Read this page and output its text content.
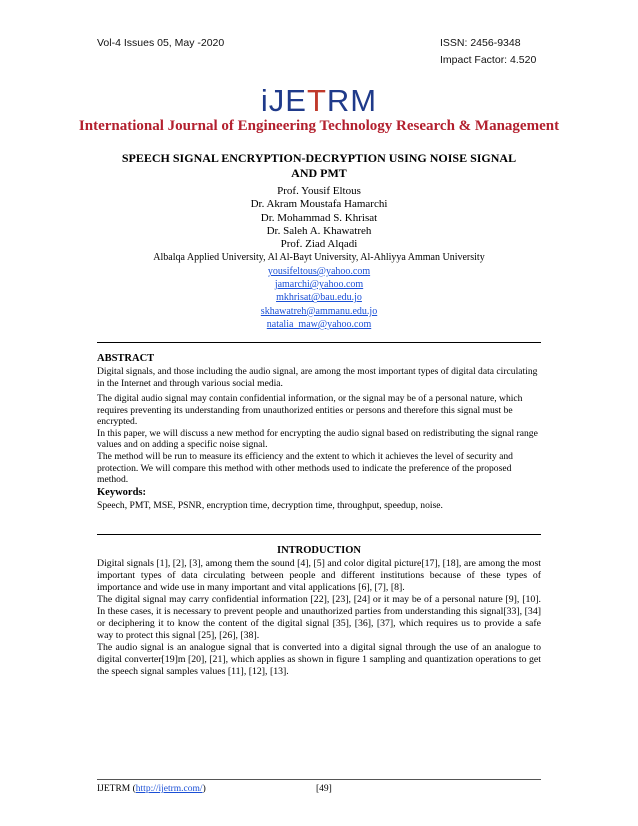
Vol-4 Issues 05, May -2020	ISSN: 2456-9348
Impact Factor: 4.520
iJETRM
International Journal of Engineering Technology Research & Management
SPEECH SIGNAL ENCRYPTION-DECRYPTION USING NOISE SIGNAL AND PMT
Prof. Yousif Eltous
Dr. Akram Moustafa Hamarchi
Dr. Mohammad S. Khrisat
Dr. Saleh A. Khawatreh
Prof. Ziad Alqadi
Albalqa Applied University, Al Al-Bayt University, Al-Ahliyya Amman University
yousifeltous@yahoo.com
jamarchi@yahoo.com
mkhrisat@bau.edu.jo
skhawatreh@ammanu.edu.jo
natalia_maw@yahoo.com
ABSTRACT
Digital signals, and those including the audio signal, are among the most important types of digital data circulating in the Internet and through various social media.
The digital audio signal may contain confidential information, or the signal may be of a personal nature, which requires preventing its understanding from unauthorized entities or persons and therefore this signal must be encrypted.
In this paper, we will discuss a new method for encrypting the audio signal based on redistributing the signal range values and on adding a specific noise signal.
The method will be run to measure its efficiency and the extent to which it achieves the level of security and protection. We will compare this method with other methods used to indicate the preference of the proposed method.
Keywords:
Speech, PMT, MSE, PSNR, encryption time, decryption time, throughput, speedup, noise.
INTRODUCTION

Digital signals [1], [2], [3], among them the sound [4], [5] and color digital picture[17], [18], are among the most important types of data circulating between people and different institutions because of these types of importance and wide use in many important and vital applications [6], [7], [8].

The digital signal may carry confidential information [22], [23], [24] or it may be of a personal nature [9], [10]. In these cases, it is necessary to prevent people and unauthorized parties from understanding this signal[33], [34] or deciphering it to know the content of the digital signal [35], [36], [37], which requires us to provide a safe way to protect this signal [25], [26], [38].

The audio signal is an analogue signal that is converted into a digital signal through the use of an analogue to digital converter[19]m [20], [21], which applies as shown in figure 1 sampling and quantization operations to get the speech signal samples values [11], [12], [13].

IJETRM (http://ijetrm.com/)	[49]
